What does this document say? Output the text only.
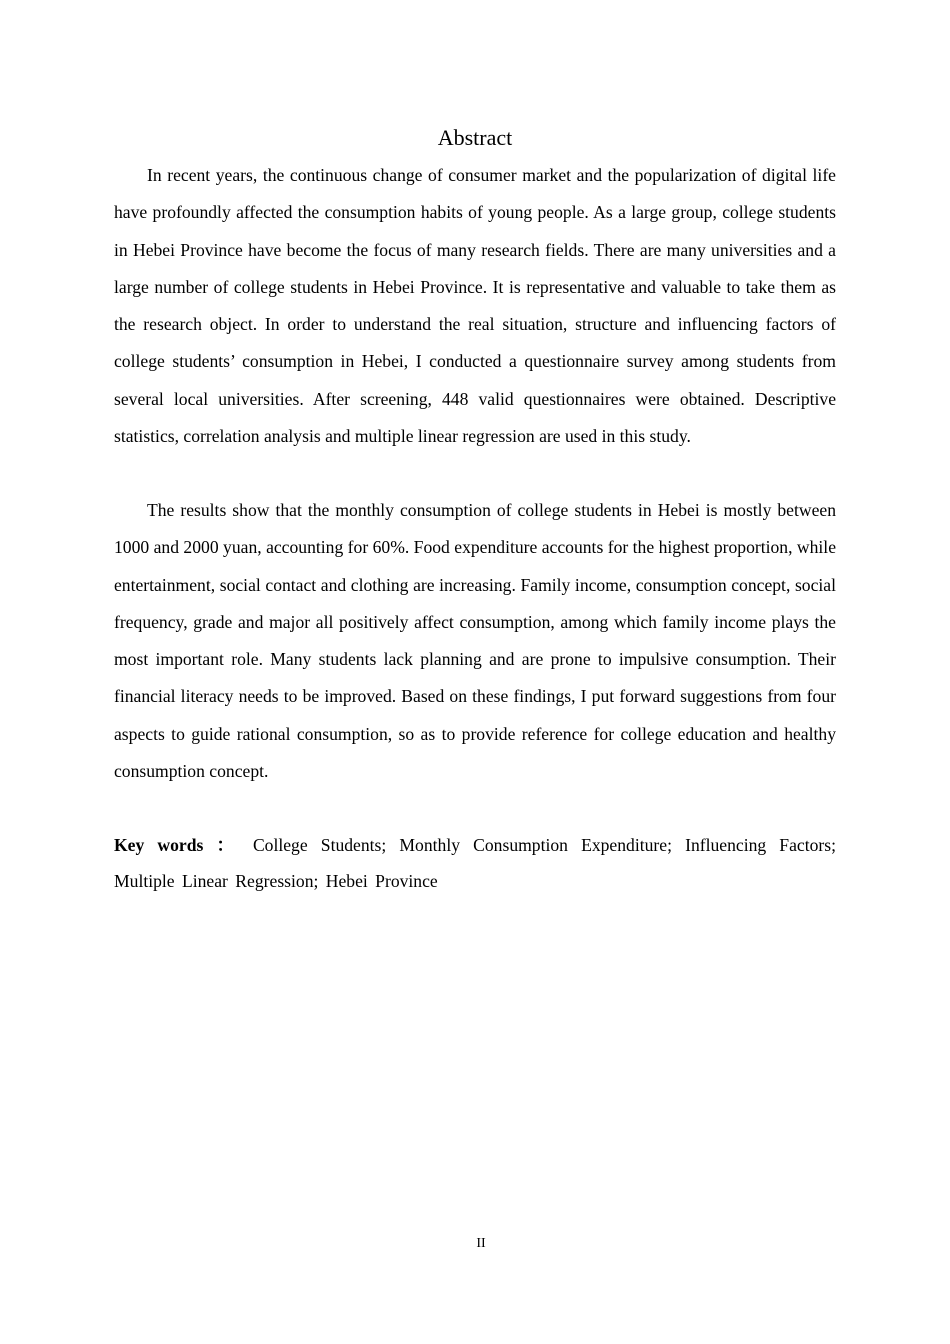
Abstract

In recent years, the continuous change of consumer market and the popularization of digital life have profoundly affected the consumption habits of young people. As a large group, college students in Hebei Province have become the focus of many research fields. There are many universities and a large number of college students in Hebei Province. It is representative and valuable to take them as the research object. In order to understand the real situation, structure and influencing factors of college students’ consumption in Hebei, I conducted a questionnaire survey among students from several local universities. After screening, 448 valid questionnaires were obtained. Descriptive statistics, correlation analysis and multiple linear regression are used in this study.

The results show that the monthly consumption of college students in Hebei is mostly between 1000 and 2000 yuan, accounting for 60%. Food expenditure accounts for the highest proportion, while entertainment, social contact and clothing are increasing. Family income, consumption concept, social frequency, grade and major all positively affect consumption, among which family income plays the most important role. Many students lack planning and are prone to impulsive consumption. Their financial literacy needs to be improved. Based on these findings, I put forward suggestions from four aspects to guide rational consumption, so as to provide reference for college education and healthy consumption concept.

Key words ： College Students; Monthly Consumption Expenditure; Influencing Factors; Multiple Linear Regression; Hebei Province
II
